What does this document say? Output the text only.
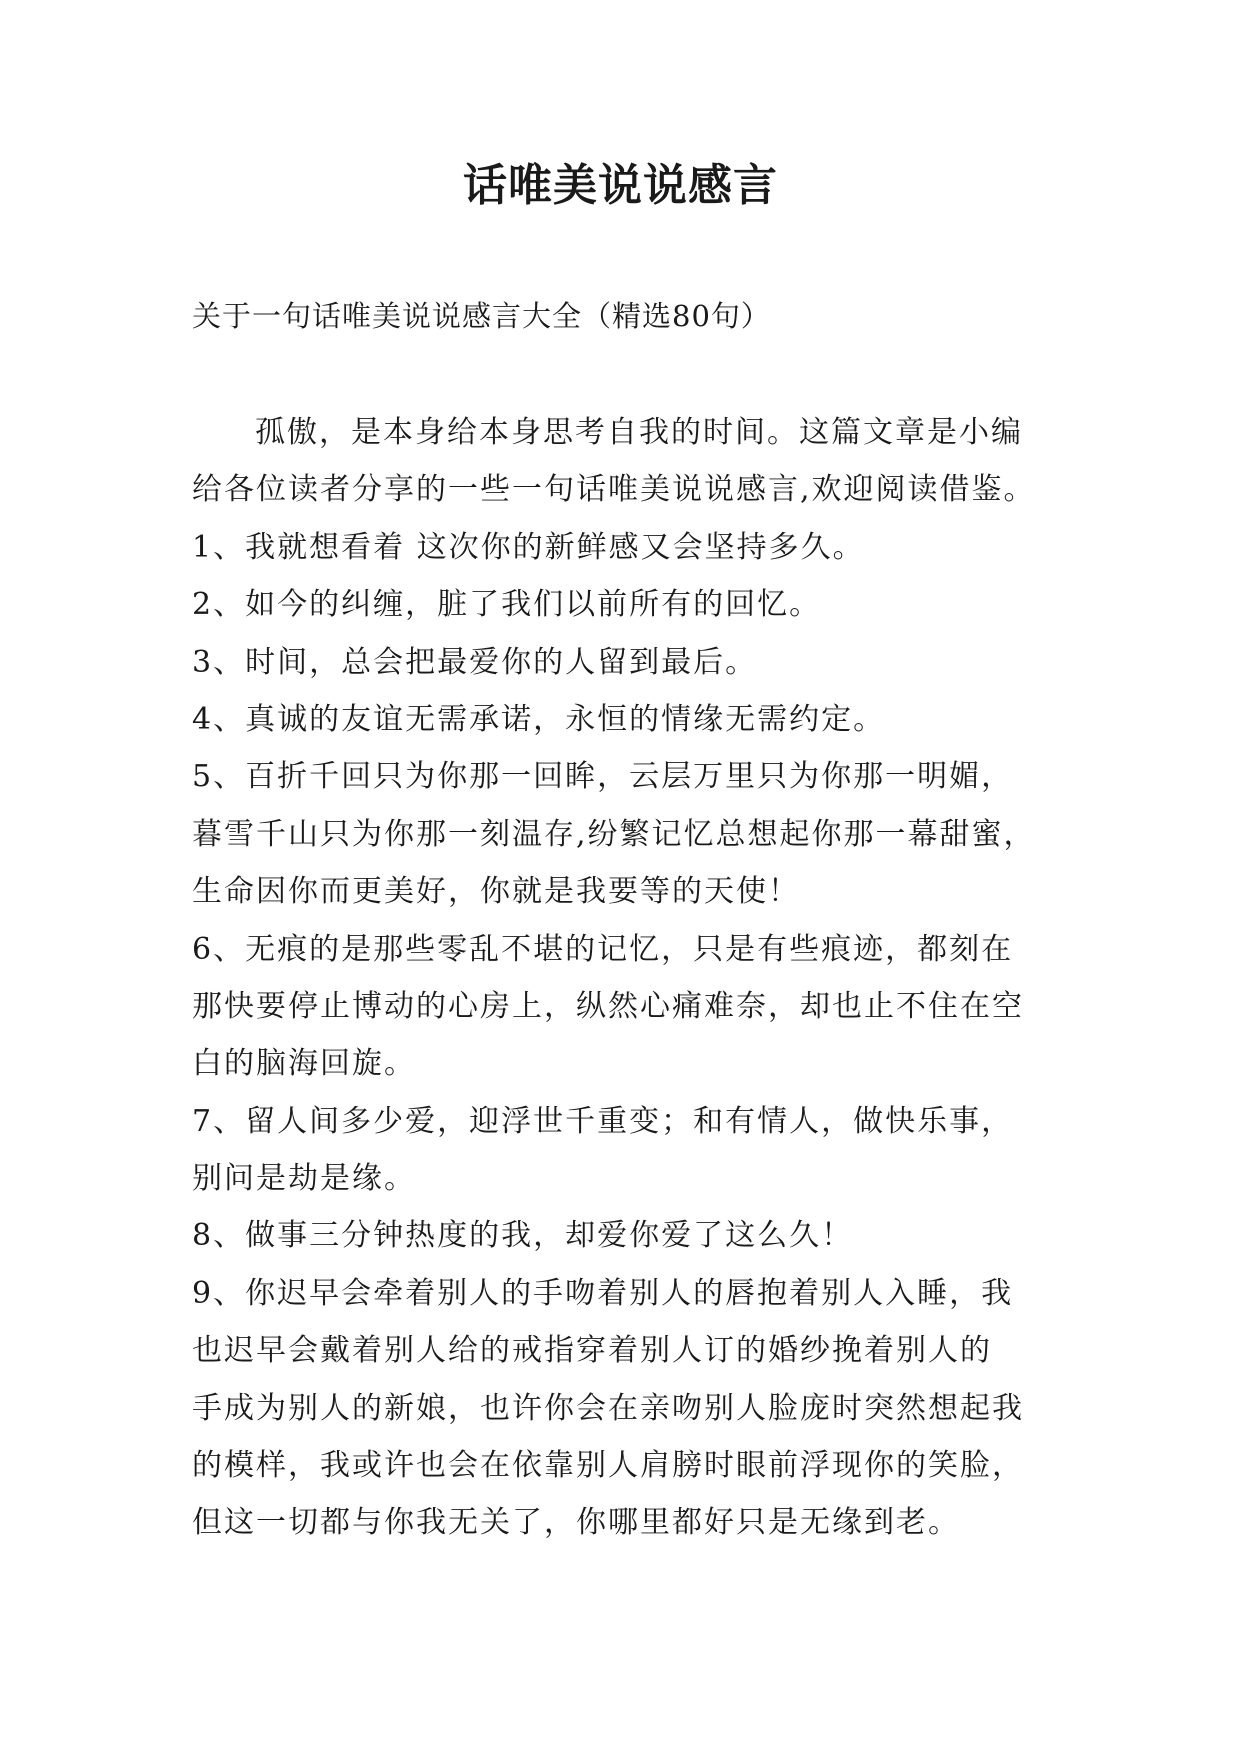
话唯美说说感言
关于一句话唯美说说感言大全（精选80句）
孤傲，是本身给本身思考自我的时间。这篇文章是小编
给各位读者分享的一些一句话唯美说说感言,欢迎阅读借鉴。
1、我就想看着 这次你的新鲜感又会坚持多久。
2、如今的纠缠，脏了我们以前所有的回忆。
3、时间，总会把最爱你的人留到最后。
4、真诚的友谊无需承诺，永恒的情缘无需约定。
5、百折千回只为你那一回眸，云层万里只为你那一明媚，
暮雪千山只为你那一刻温存,纷繁记忆总想起你那一幕甜蜜，
生命因你而更美好，你就是我要等的天使！
6、无痕的是那些零乱不堪的记忆，只是有些痕迹，都刻在
那快要停止博动的心房上，纵然心痛难奈，却也止不住在空
白的脑海回旋。
7、留人间多少爱，迎浮世千重变；和有情人，做快乐事，
别问是劫是缘。
8、做事三分钟热度的我，却爱你爱了这么久！
9、你迟早会牵着别人的手吻着别人的唇抱着别人入睡，我
也迟早会戴着别人给的戒指穿着别人订的婚纱挽着别人的
手成为别人的新娘，也许你会在亲吻别人脸庞时突然想起我
的模样，我或许也会在依靠别人肩膀时眼前浮现你的笑脸，
但这一切都与你我无关了，你哪里都好只是无缘到老。
